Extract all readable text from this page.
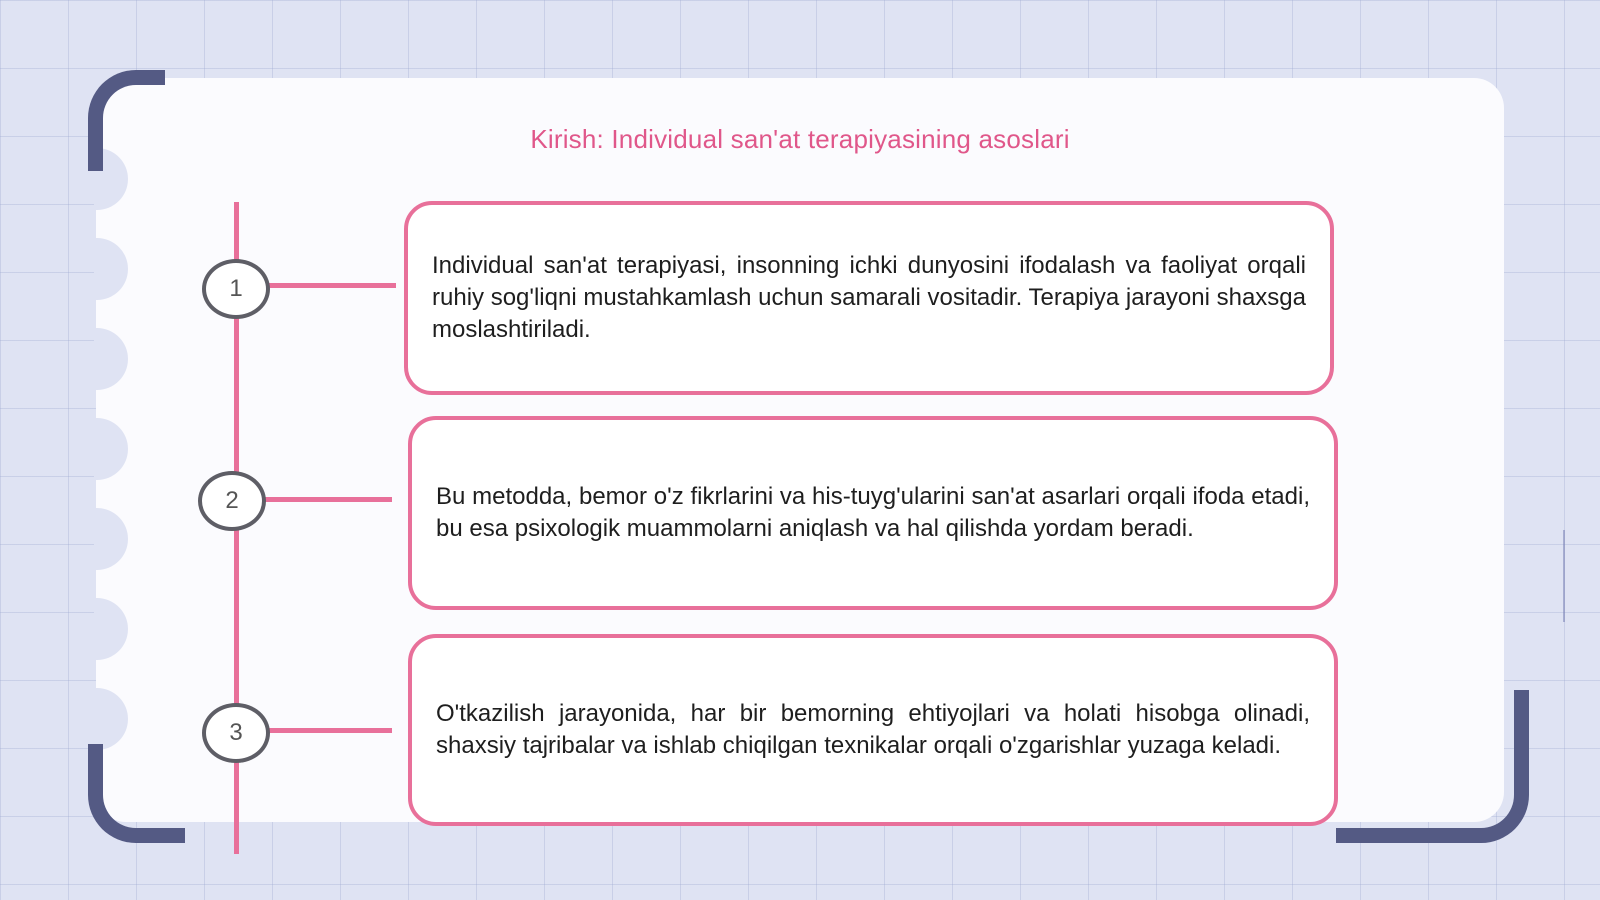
Kirish: Individual san'at terapiyasining asoslari
1
Individual san'at terapiyasi, insonning ichki dunyosini ifodalash va faoliyat orqali ruhiy sog'liqni mustahkamlash uchun samarali vositadir. Terapiya jarayoni shaxsga moslashtiriladi.
2	Bu metodda, bemor o'z fikrlarini va his-tuyg'ularini san'at asarlari orqali ifoda etadi, bu esa psixologik muammolarni aniqlash va hal qilishda yordam beradi.
3
O'tkazilish jarayonida, har bir bemorning ehtiyojlari va holati hisobga olinadi, shaxsiy tajribalar va ishlab chiqilgan texnikalar orqali o'zgarishlar yuzaga keladi.
